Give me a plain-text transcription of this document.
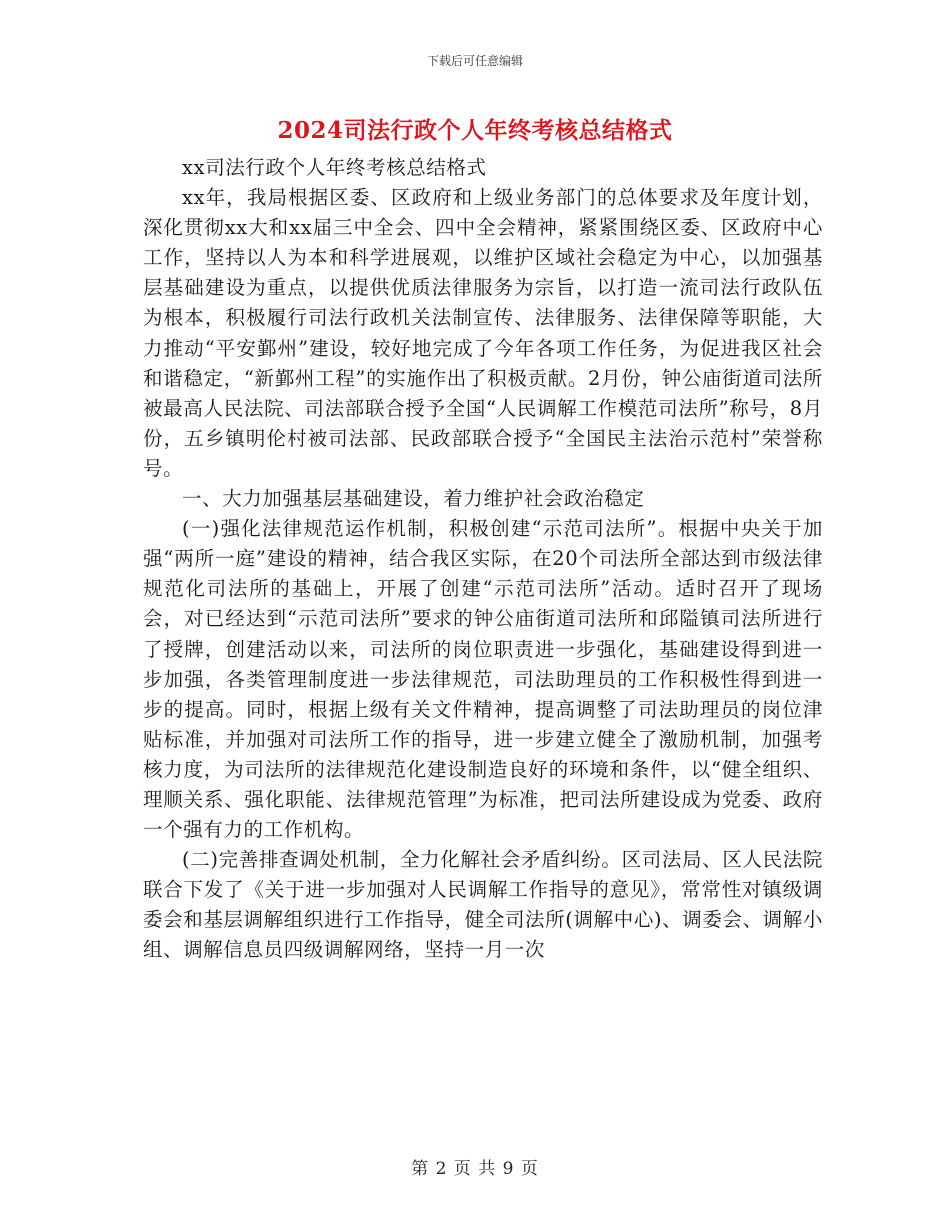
下载后可任意编辑
2024司法行政个人年终考核总结格式

xx司法行政个人年终考核总结格式

xx年，我局根据区委、区政府和上级业务部门的总体要求及年度计划，深化贯彻xx大和xx届三中全会、四中全会精神，紧紧围绕区委、区政府中心工作，坚持以人为本和科学进展观，以维护区域社会稳定为中心，以加强基层基础建设为重点，以提供优质法律服务为宗旨，以打造一流司法行政队伍为根本，积极履行司法行政机关法制宣传、法律服务、法律保障等职能，大力推动“平安鄞州”建设，较好地完成了今年各项工作任务，为促进我区社会和谐稳定，“新鄞州工程”的实施作出了积极贡献。2月份，钟公庙街道司法所被最高人民法院、司法部联合授予全国“人民调解工作模范司法所”称号，8月份，五乡镇明伦村被司法部、民政部联合授予“全国民主法治示范村”荣誉称号。

一、大力加强基层基础建设，着力维护社会政治稳定

(一)强化法律规范运作机制，积极创建“示范司法所”。根据中央关于加强“两所一庭”建设的精神，结合我区实际，在20个司法所全部达到市级法律规范化司法所的基础上，开展了创建“示范司法所”活动。适时召开了现场会，对已经达到“示范司法所”要求的钟公庙街道司法所和邱隘镇司法所进行了授牌，创建活动以来，司法所的岗位职责进一步强化，基础建设得到进一步加强，各类管理制度进一步法律规范，司法助理员的工作积极性得到进一步的提高。同时，根据上级有关文件精神，提高调整了司法助理员的岗位津贴标准，并加强对司法所工作的指导，进一步建立健全了激励机制，加强考核力度，为司法所的法律规范化建设制造良好的环境和条件，以“健全组织、理顺关系、强化职能、法律规范管理”为标准，把司法所建设成为党委、政府一个强有力的工作机构。

(二)完善排查调处机制，全力化解社会矛盾纠纷。区司法局、区人民法院联合下发了《关于进一步加强对人民调解工作指导的意见》，常常性对镇级调委会和基层调解组织进行工作指导，健全司法所(调解中心)、调委会、调解小组、调解信息员四级调解网络，坚持一月一次

第 2 页 共 9 页
